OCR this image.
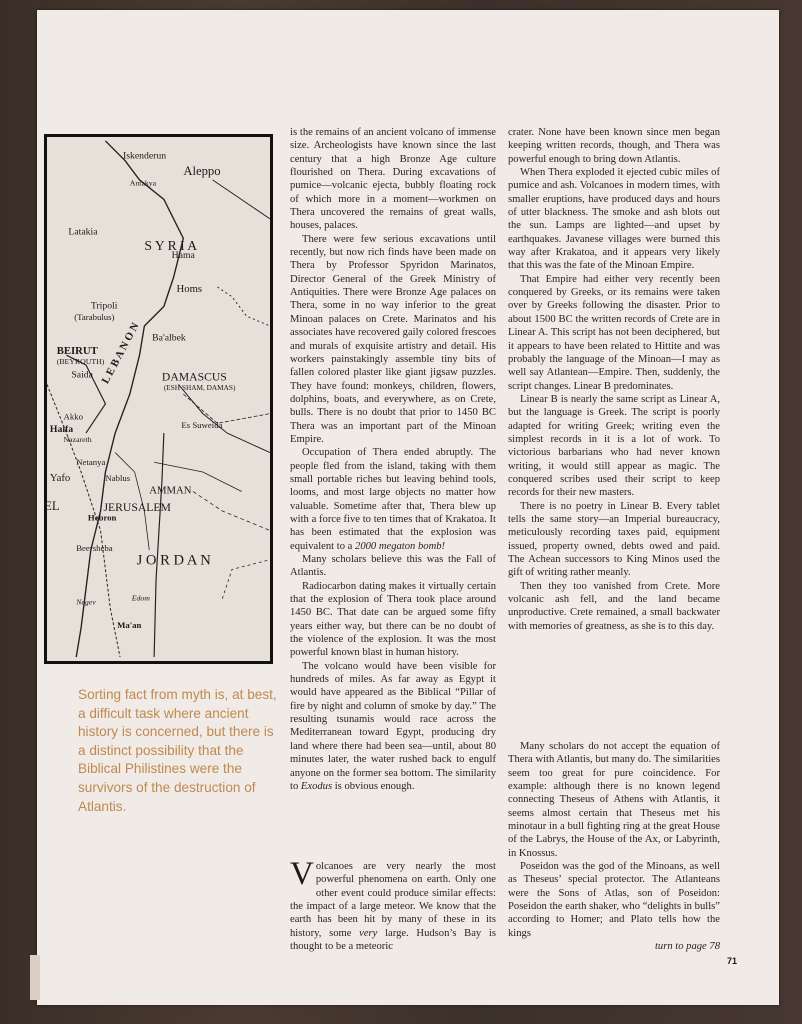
Iskenderun
Aleppo
Antakya
Latakia
S Y R I A
Hama
Homs
Tripoli
(Tarabulus)
Ba'albek
BEIRUT
(BEYROUTH)
L E B A N O N
Saida	DAMASCUS
(ESH SHAM, DAMAS)
Akko
Haifa
Nazareth
Es Suweida
Netanya
Yafo	Nablus
AMMAN
EL	JERUSALEM
Hebron
Beersheba
J O R D A N
Negev	Edom
Ma'an
Sorting fact from myth is, at best, a difficult task where ancient history is concerned, but there is a distinct possibility that the Biblical Philistines were the survivors of the destruction of Atlantis.

is the remains of an ancient volcano of immense size. Archeologists have known since the last century that a high Bronze Age culture flourished on Thera. During excavations of pumice—volcanic ejecta, bubbly floating rock of which more in a moment—workmen on Thera uncovered the remains of great walls, houses, palaces.

There were few serious excavations until recently, but now rich finds have been made on Thera by Professor Spyridon Marinatos, Director General of the Greek Ministry of Antiquities. There were Bronze Age palaces on Thera, some in no way inferior to the great Minoan palaces on Crete. Marinatos and his associates have recovered gaily colored frescoes and murals of exquisite artistry and detail. His workers painstakingly assemble tiny bits of fallen colored plaster like giant jigsaw puzzles. They have found: monkeys, children, flowers, dolphins, boats, and everywhere, as on Crete, bulls. There is no doubt that prior to 1450 BC Thera was an important part of the Minoan Empire.

Occupation of Thera ended abruptly. The people fled from the island, taking with them small portable riches but leaving behind tools, looms, and most large objects no matter how valuable. Sometime after that, Thera blew up with a force five to ten times that of Krakatoa. It has been estimated that the explosion was equivalent to a 2000 megaton bomb!

Many scholars believe this was the Fall of Atlantis.

Radiocarbon dating makes it virtually certain that the explosion of Thera took place around 1450 BC. That date can be argued some fifty years either way, but there can be no doubt of the violence of the explosion. It was the most powerful known blast in human history.

The volcano would have been visible for hundreds of miles. As far away as Egypt it would have appeared as the Biblical “Pillar of fire by night and column of smoke by day.” The resulting tsunamis would race across the Mediterranean toward Egypt, producing dry land where there had been sea—until, about 80 minutes later, the water rushed back to engulf anyone on the former sea bottom. The similarity to Exodus is obvious enough.

Volcanoes are very nearly the most powerful phenomena on earth. Only one other event could produce similar effects: the impact of a large meteor. We know that the earth has been hit by many of these in its history, some very large. Hudson’s Bay is thought to be a meteoric

crater. None have been known since men began keeping written records, though, and Thera was powerful enough to bring down Atlantis.

When Thera exploded it ejected cubic miles of pumice and ash. Volcanoes in modern times, with smaller eruptions, have produced days and hours of utter blackness. The smoke and ash blots out the sun. Lamps are lighted—and upset by earthquakes. Javanese villages were burned this way after Krakatoa, and it appears very likely that this was the fate of the Minoan Empire.

That Empire had either very recently been conquered by Greeks, or its remains were taken over by Greeks following the disaster. Prior to about 1500 BC the written records of Crete are in Linear A. This script has not been deciphered, but it appears to have been related to Hittite and was probably the language of the Minoan—I may as well say Atlantean—Empire. Then, suddenly, the script changes. Linear B predominates.

Linear B is nearly the same script as Linear A, but the language is Greek. The script is poorly adapted for writing Greek; writing even the simplest records in it is a lot of work. To victorious barbarians who had never known writing, it would still appear as magic. The conquered scribes used their script to keep records for their new masters.

There is no poetry in Linear B. Every tablet tells the same story—an Imperial bureaucracy, meticulously recording taxes paid, equipment issued, property owned, debts owed and paid. The Achean successors to King Minos used the gift of writing rather meanly.

Then they too vanished from Crete. More volcanic ash fell, and the land became unproductive. Crete remained, a small backwater with memories of greatness, as she is to this day.

Many scholars do not accept the equation of Thera with Atlantis, but many do. The similarities seem too great for pure coincidence. For example: although there is no known legend connecting Theseus of Athens with Atlantis, it seems almost certain that Theseus met his minotaur in a bull fighting ring at the great House of the Labrys, the House of the Ax, or Labyrinth, in Knossus.

Poseidon was the god of the Minoans, as well as Theseus’ special protector. The Atlanteans were the Sons of Atlas, son of Poseidon: Poseidon the earth shaker, who “delights in bulls” according to Homer; and Plato tells how the kings

turn to page 78

71
